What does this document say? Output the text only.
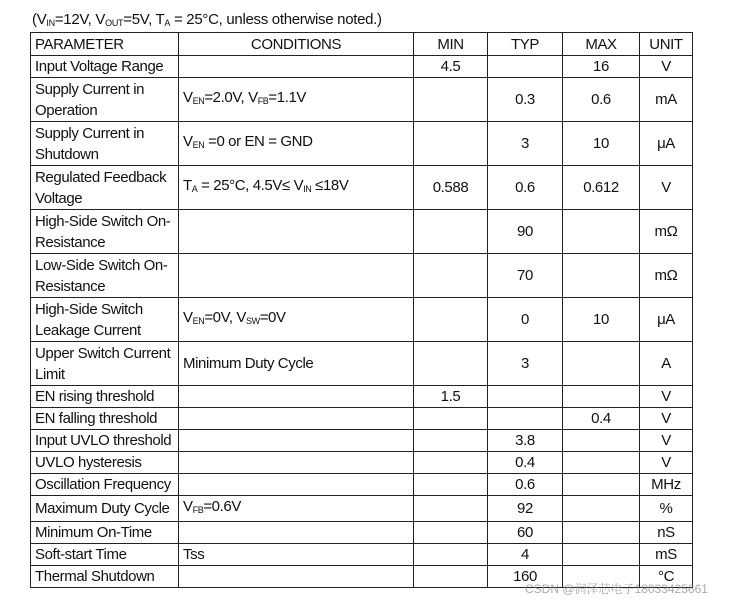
($V_{IN}=12V$, $V_{OUT}=5V$, $T_A = 25^\circ C$, unless otherwise noted.)
PARAMETER	CONDITIONS	MIN	TYP	MAX	UNIT
Input Voltage Range		4.5		16	V
Supply Current in Operation	$V_{EN}=2.0V$, $V_{FB}=1.1V$		0.3	0.6	mA
Supply Current in Shutdown	$V_{EN} =0$ or EN = GND		3	10	μA
Regulated Feedback Voltage	$T_A = 25^\circ C$, $4.5V\le V_{IN} \le 18V$	0.588	0.6	0.612	V
High-Side Switch On-Resistance			90		mΩ
Low-Side Switch On-Resistance			70		mΩ
High-Side Switch Leakage Current	$V_{EN}=0V$, $V_{SW}=0V$		0	10	μA
Upper Switch Current Limit	Minimum Duty Cycle		3		A
EN rising threshold		1.5			V
EN falling threshold				0.4	V
Input UVLO threshold			3.8		V
UVLO hysteresis			0.4		V
Oscillation Frequency			0.6		MHz
Maximum Duty Cycle	$V_{FB}=0.6V$		92		%
Minimum On-Time			60		nS
Soft-start Time	Tss		4		mS
Thermal Shutdown			160		°C
CSDN @润泽芯电子18033425661
